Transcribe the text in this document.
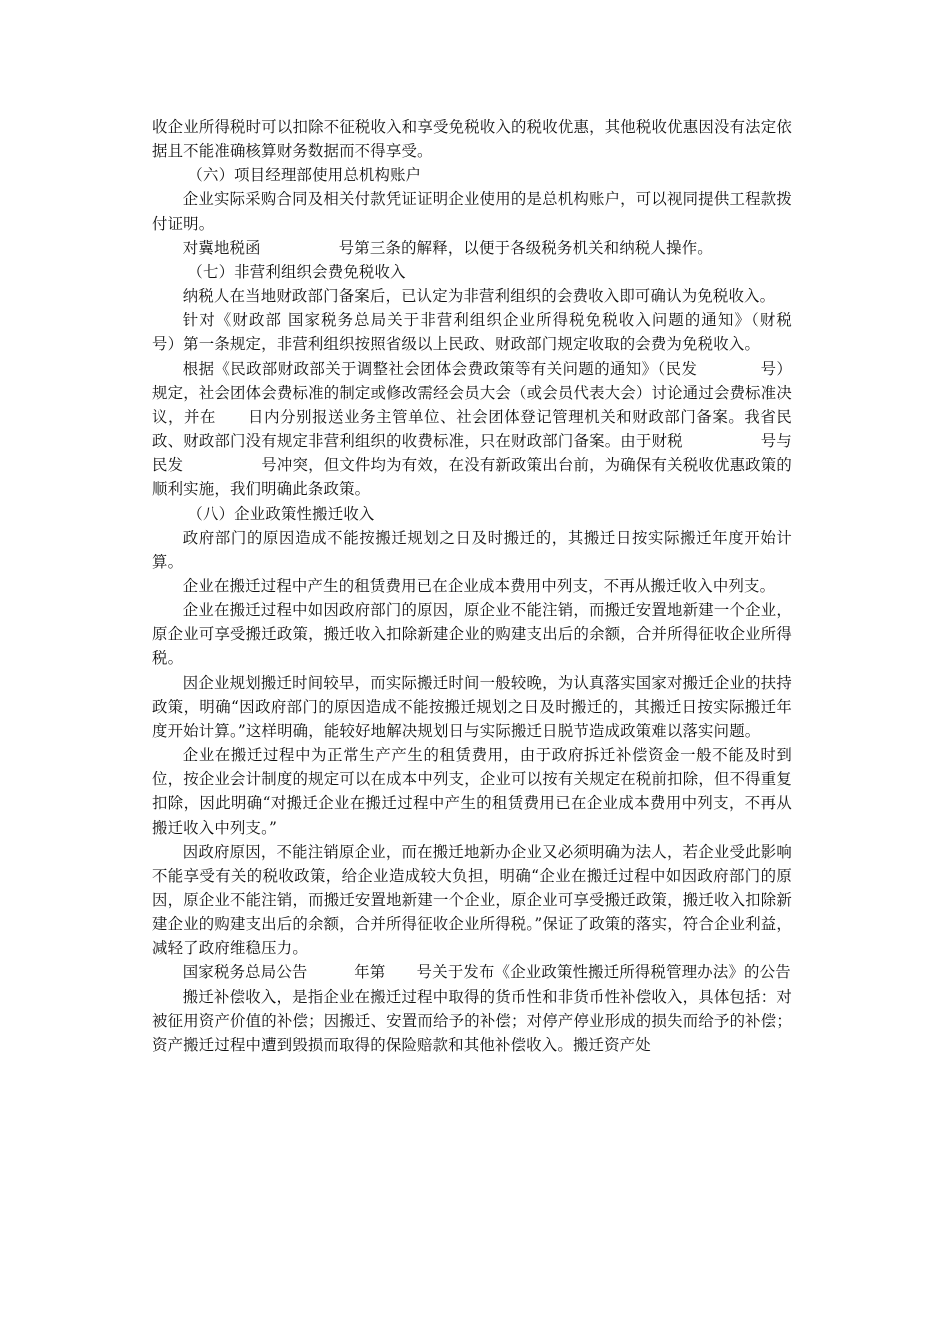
收企业所得税时可以扣除不征税收入和享受免税收入的税收优惠，其他税收优惠因没有法定依据且不能准确核算财务数据而不得享受。

（六）项目经理部使用总机构账户

企业实际采购合同及相关付款凭证证明企业使用的是总机构账户，可以视同提供工程款拨付证明。

对冀地税函　　　　　号第三条的解释，以便于各级税务机关和纳税人操作。

（七）非营利组织会费免税收入

纳税人在当地财政部门备案后，已认定为非营利组织的会费收入即可确认为免税收入。

针对《财政部 国家税务总局关于非营利组织企业所得税免税收入问题的通知》（财税　　　　　号）第一条规定，非营利组织按照省级以上民政、财政部门规定收取的会费为免税收入。

根据《民政部财政部关于调整社会团体会费政策等有关问题的通知》（民发　　　　号）规定，社会团体会费标准的制定或修改需经会员大会（或会员代表大会）讨论通过会费标准决议，并在　　日内分别报送业务主管单位、社会团体登记管理机关和财政部门备案。我省民政、财政部门没有规定非营利组织的收费标准，只在财政部门备案。由于财税　　　　　号与民发　　　　　号冲突，但文件均为有效，在没有新政策出台前，为确保有关税收优惠政策的顺利实施，我们明确此条政策。

（八）企业政策性搬迁收入

政府部门的原因造成不能按搬迁规划之日及时搬迁的，其搬迁日按实际搬迁年度开始计算。

企业在搬迁过程中产生的租赁费用已在企业成本费用中列支，不再从搬迁收入中列支。

企业在搬迁过程中如因政府部门的原因，原企业不能注销，而搬迁安置地新建一个企业，原企业可享受搬迁政策，搬迁收入扣除新建企业的购建支出后的余额，合并所得征收企业所得税。

因企业规划搬迁时间较早，而实际搬迁时间一般较晚，为认真落实国家对搬迁企业的扶持政策，明确“因政府部门的原因造成不能按搬迁规划之日及时搬迁的，其搬迁日按实际搬迁年度开始计算。”这样明确，能较好地解决规划日与实际搬迁日脱节造成政策难以落实问题。

企业在搬迁过程中为正常生产产生的租赁费用，由于政府拆迁补偿资金一般不能及时到位，按企业会计制度的规定可以在成本中列支，企业可以按有关规定在税前扣除，但不得重复扣除，因此明确“对搬迁企业在搬迁过程中产生的租赁费用已在企业成本费用中列支，不再从搬迁收入中列支。”

因政府原因，不能注销原企业，而在搬迁地新办企业又必须明确为法人，若企业受此影响不能享受有关的税收政策，给企业造成较大负担，明确“企业在搬迁过程中如因政府部门的原因，原企业不能注销，而搬迁安置地新建一个企业，原企业可享受搬迁政策，搬迁收入扣除新建企业的购建支出后的余额，合并所得征收企业所得税。”保证了政策的落实，符合企业利益，减轻了政府维稳压力。

国家税务总局公告　　　年第　　号关于发布《企业政策性搬迁所得税管理办法》的公告

搬迁补偿收入，是指企业在搬迁过程中取得的货币性和非货币性补偿收入，具体包括：对被征用资产价值的补偿；因搬迁、安置而给予的补偿；对停产停业形成的损失而给予的补偿；资产搬迁过程中遭到毁损而取得的保险赔款和其他补偿收入。搬迁资产处
